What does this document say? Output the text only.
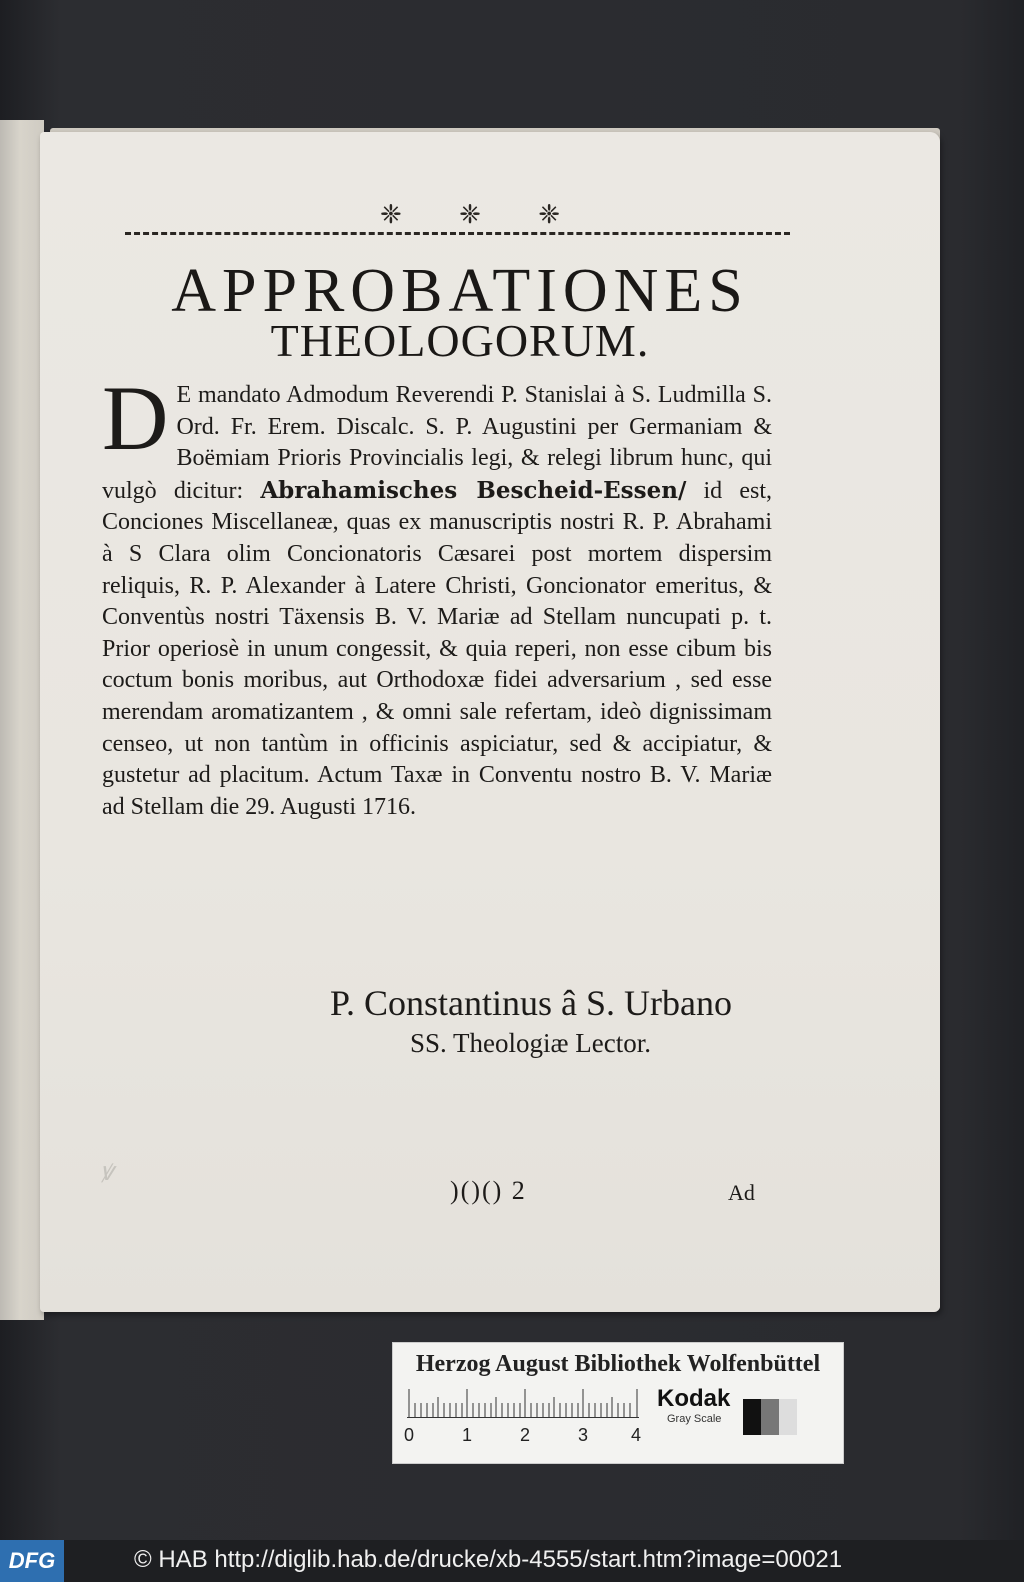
❈ ❈ ❈
APPROBATIONES
THEOLOGORUM.
D E mandato Admodum Reverendi P. Stanislai à S. Ludmilla S. Ord. Fr. Erem. Discalc. S. P. Augustini per Germaniam & Boëmiam Prioris Provincialis legi, & relegi librum hunc, qui vulgò dicitur: Abrahamisches Bescheid-Essen/ id est, Conciones Miscellaneæ, quas ex manuscriptis nostri R. P. Abrahami à S Clara olim Concionatoris Cæsarei post mortem dispersim reliquis, R. P. Alexander à Latere Christi, Goncionator emeritus, & Conventùs nostri Täxensis B. V. Mariæ ad Stellam nuncupati p. t. Prior operiosè in unum congessit, & quia reperi, non esse cibum bis coctum bonis moribus, aut Orthodoxæ fidei adversarium , sed esse merendam aromatizantem , & omni sale refertam, ideò dignissimam censeo, ut non tantùm in officinis aspiciatur, sed & accipiatur, & gustetur ad placitum. Actum Taxæ in Conventu nostro B. V. Mariæ ad Stellam die 29. Augusti 1716.
P. Constantinus â S. Urbano
SS. Theologiæ Lector.
)()() 2	Ad
ꝟ
Herzog August Bibliothek Wolfenbüttel
0	1	2	3 4
Kodak
Gray Scale
DFG	© HAB http://diglib.hab.de/drucke/xb-4555/start.htm?image=00021
